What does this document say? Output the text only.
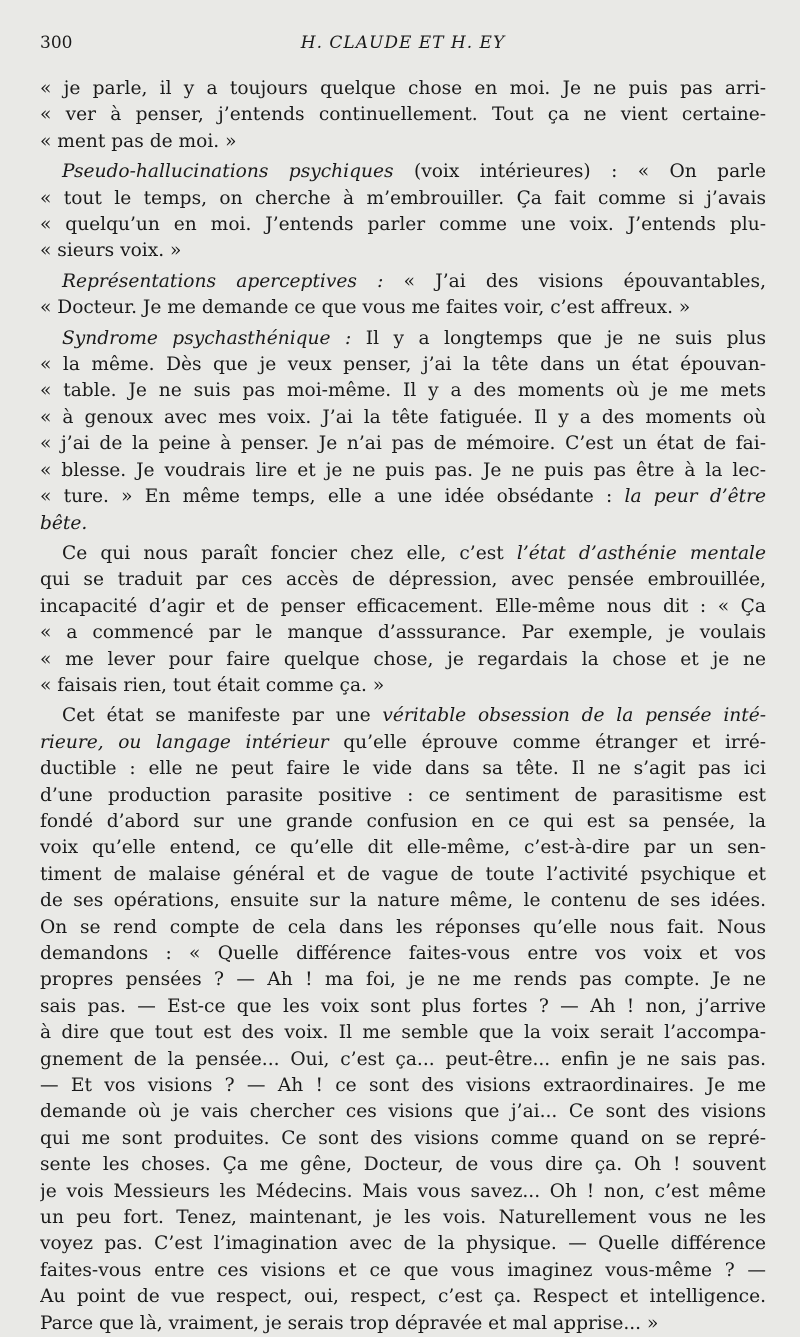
300	H. CLAUDE ET H. EY
« je parle, il y a toujours quelque chose en moi. Je ne puis pas arri-
« ver à penser, j’entends continuellement. Tout ça ne vient certaine-
« ment pas de moi. »
Pseudo-hallucinations psychiques (voix intérieures) : « On parle
« tout le temps, on cherche à m’embrouiller. Ça fait comme si j’avais
« quelqu’un en moi. J’entends parler comme une voix. J’entends plu-
« sieurs voix. »
Représentations aperceptives : « J’ai des visions épouvantables,
« Docteur. Je me demande ce que vous me faites voir, c’est affreux. »
Syndrome psychasthénique : Il y a longtemps que je ne suis plus
« la même. Dès que je veux penser, j’ai la tête dans un état épouvan-
« table. Je ne suis pas moi-même. Il y a des moments où je me mets
« à genoux avec mes voix. J’ai la tête fatiguée. Il y a des moments où
« j’ai de la peine à penser. Je n’ai pas de mémoire. C’est un état de fai-
« blesse. Je voudrais lire et je ne puis pas. Je ne puis pas être à la lec-
« ture. » En même temps, elle a une idée obsédante : la peur d’être
bête.
Ce qui nous paraît foncier chez elle, c’est l’état d’asthénie mentale
qui se traduit par ces accès de dépression, avec pensée embrouillée,
incapacité d’agir et de penser efficacement. Elle-même nous dit : « Ça
« a commencé par le manque d’asssurance. Par exemple, je voulais
« me lever pour faire quelque chose, je regardais la chose et je ne
« faisais rien, tout était comme ça. »
Cet état se manifeste par une véritable obsession de la pensée inté-
rieure, ou langage intérieur qu’elle éprouve comme étranger et irré-
ductible : elle ne peut faire le vide dans sa tête. Il ne s’agit pas ici
d’une production parasite positive : ce sentiment de parasitisme est
fondé d’abord sur une grande confusion en ce qui est sa pensée, la
voix qu’elle entend, ce qu’elle dit elle-même, c’est-à-dire par un sen-
timent de malaise général et de vague de toute l’activité psychique et
de ses opérations, ensuite sur la nature même, le contenu de ses idées.
On se rend compte de cela dans les réponses qu’elle nous fait. Nous
demandons : « Quelle différence faites-vous entre vos voix et vos
propres pensées ? — Ah ! ma foi, je ne me rends pas compte. Je ne
sais pas. — Est-ce que les voix sont plus fortes ? — Ah ! non, j’arrive
à dire que tout est des voix. Il me semble que la voix serait l’accompa-
gnement de la pensée... Oui, c’est ça... peut-être... enfin je ne sais pas.
— Et vos visions ? — Ah ! ce sont des visions extraordinaires. Je me
demande où je vais chercher ces visions que j’ai... Ce sont des visions
qui me sont produites. Ce sont des visions comme quand on se repré-
sente les choses. Ça me gêne, Docteur, de vous dire ça. Oh ! souvent
je vois Messieurs les Médecins. Mais vous savez... Oh ! non, c’est même
un peu fort. Tenez, maintenant, je les vois. Naturellement vous ne les
voyez pas. C’est l’imagination avec de la physique. — Quelle différence
faites-vous entre ces visions et ce que vous imaginez vous-même ? —
Au point de vue respect, oui, respect, c’est ça. Respect et intelligence.
Parce que là, vraiment, je serais trop dépravée et mal apprise... »
